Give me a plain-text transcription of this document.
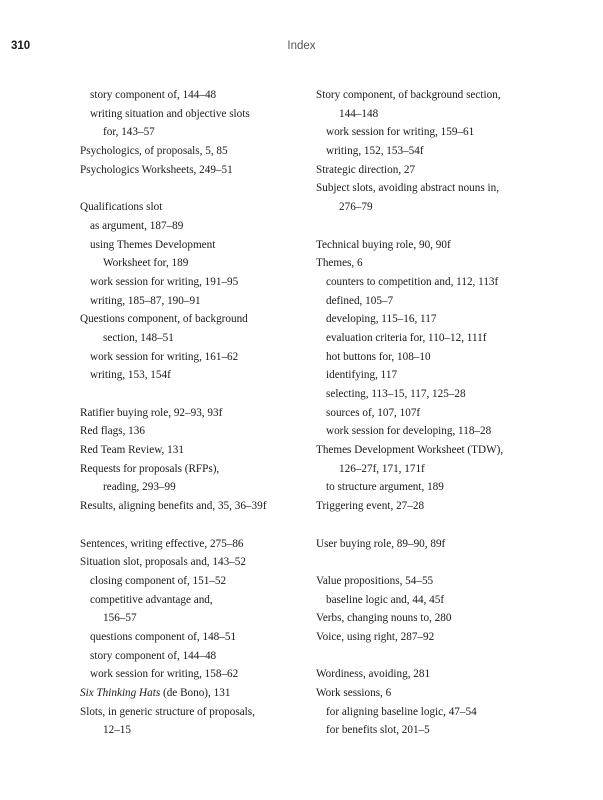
310	Index
story component of, 144–48
writing situation and objective slots
for, 143–57
Psychologics, of proposals, 5, 85
Psychologics Worksheets, 249–51
Qualifications slot
as argument, 187–89
using Themes Development
Worksheet for, 189
work session for writing, 191–95
writing, 185–87, 190–91
Questions component, of background
section, 148–51
work session for writing, 161–62
writing, 153, 154f
Ratifier buying role, 92–93, 93f
Red flags, 136
Red Team Review, 131
Requests for proposals (RFPs),
reading, 293–99
Results, aligning benefits and, 35, 36–39f
Sentences, writing effective, 275–86
Situation slot, proposals and, 143–52
closing component of, 151–52
competitive advantage and,
156–57
questions component of, 148–51
story component of, 144–48
work session for writing, 158–62
Six Thinking Hats (de Bono), 131
Slots, in generic structure of proposals,
12–15
Story component, of background section,
144–148
work session for writing, 159–61
writing, 152, 153–54f
Strategic direction, 27
Subject slots, avoiding abstract nouns in,
276–79
Technical buying role, 90, 90f
Themes, 6
counters to competition and, 112, 113f
defined, 105–7
developing, 115–16, 117
evaluation criteria for, 110–12, 111f
hot buttons for, 108–10
identifying, 117
selecting, 113–15, 117, 125–28
sources of, 107, 107f
work session for developing, 118–28
Themes Development Worksheet (TDW),
126–27f, 171, 171f
to structure argument, 189
Triggering event, 27–28
User buying role, 89–90, 89f
Value propositions, 54–55
baseline logic and, 44, 45f
Verbs, changing nouns to, 280
Voice, using right, 287–92
Wordiness, avoiding, 281
Work sessions, 6
for aligning baseline logic, 47–54
for benefits slot, 201–5
